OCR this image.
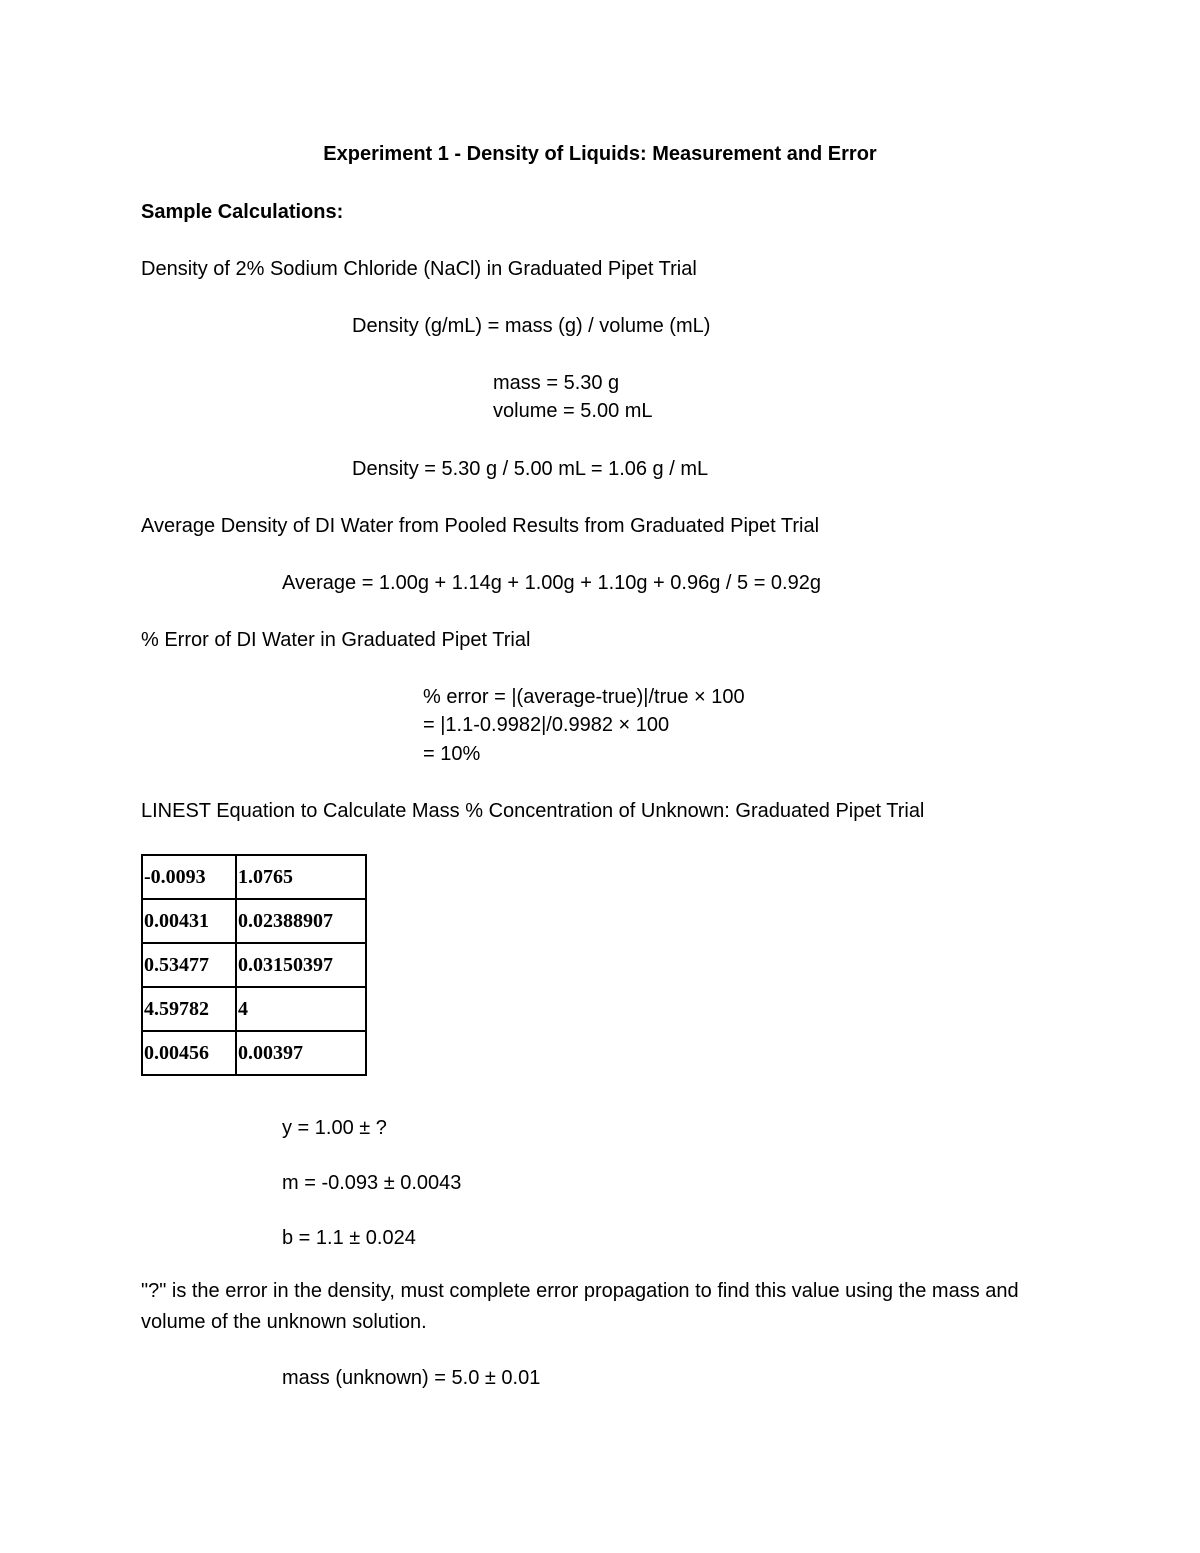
Experiment 1 - Density of Liquids: Measurement and Error

Sample Calculations:

Density of 2% Sodium Chloride (NaCl) in Graduated Pipet Trial

Density (g/mL) = mass (g) / volume (mL)

mass = 5.30 g

volume = 5.00 mL

Density = 5.30 g / 5.00 mL = 1.06 g / mL

Average Density of DI Water from Pooled Results from Graduated Pipet Trial

Average = 1.00g + 1.14g + 1.00g + 1.10g + 0.96g / 5 = 0.92g

% Error of DI Water in Graduated Pipet Trial

% error = |(average-true)|/true × 100

= |1.1-0.9982|/0.9982 × 100

= 10%

LINEST Equation to Calculate Mass % Concentration of Unknown: Graduated Pipet Trial

-0.0093	1.0765
0.00431	0.02388907
0.53477	0.03150397
4.59782	4
0.00456	0.00397

y = 1.00 ± ?

m = -0.093 ± 0.0043

b = 1.1 ± 0.024

"?" is the error in the density, must complete error propagation to find this value using the mass and volume of the unknown solution.

mass (unknown) = 5.0 ± 0.01
